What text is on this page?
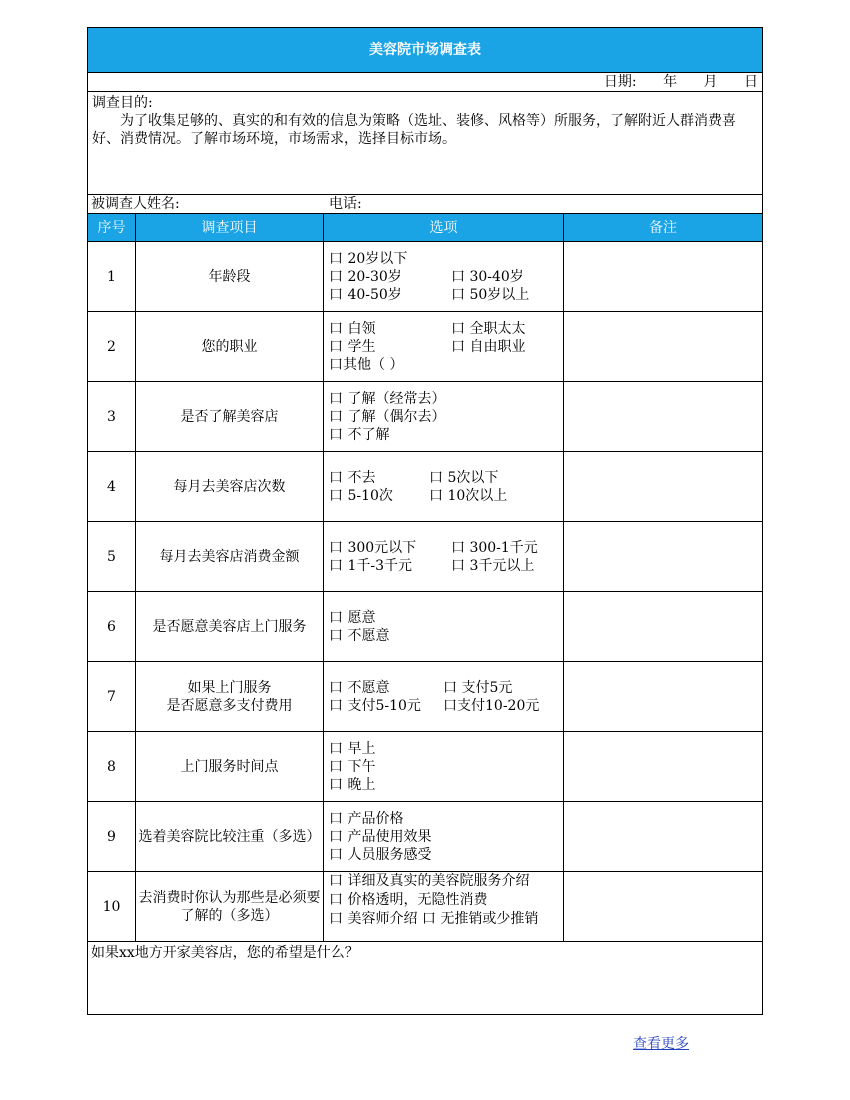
美容院市场调查表			
日期: 年 月 日			

调查目的:
为了收集足够的、真实的和有效的信息为策略（选址、装修、风格等）所服务，了解附近人群消费喜好、消费情况。了解市场环境，市场需求，选择目标市场。			

被调查人姓名: 电话:			

序号	调查项目	选项	备注
1	年龄段	口 20岁以下
口 20-30岁 口 30-40岁
口 40-50岁 口 50岁以上	

2	您的职业	口 白领 口 全职太太
口 学生 口 自由职业
口其他（ ）	

3	是否了解美容店	口 了解（经常去）
口 了解（偶尔去）
口 不了解	

4	每月去美容店次数	口 不去 口 5次以下
口 5-10次 口 10次以上	

5	每月去美容店消费金额	口 300元以下 口 300-1千元
口 1千-3千元 口 3千元以上	

6	是否愿意美容店上门服务	口 愿意
口 不愿意	

7	如果上门服务
是否愿意多支付费用	口 不愿意 口 支付5元
口 支付5-10元 口支付10-20元	

8	上门服务时间点	口 早上
口 下午
口 晚上	

9	选着美容院比较注重（多选）	口 产品价格
口 产品使用效果
口 人员服务感受	

10	去消费时你认为那些是必须要了解的（多选）	口 详细及真实的美容院服务介绍
口 价格透明，无隐性消费
口 美容师介绍 口 无推销或少推销	

如果xx地方开家美容店，您的希望是什么？			
查看更多
